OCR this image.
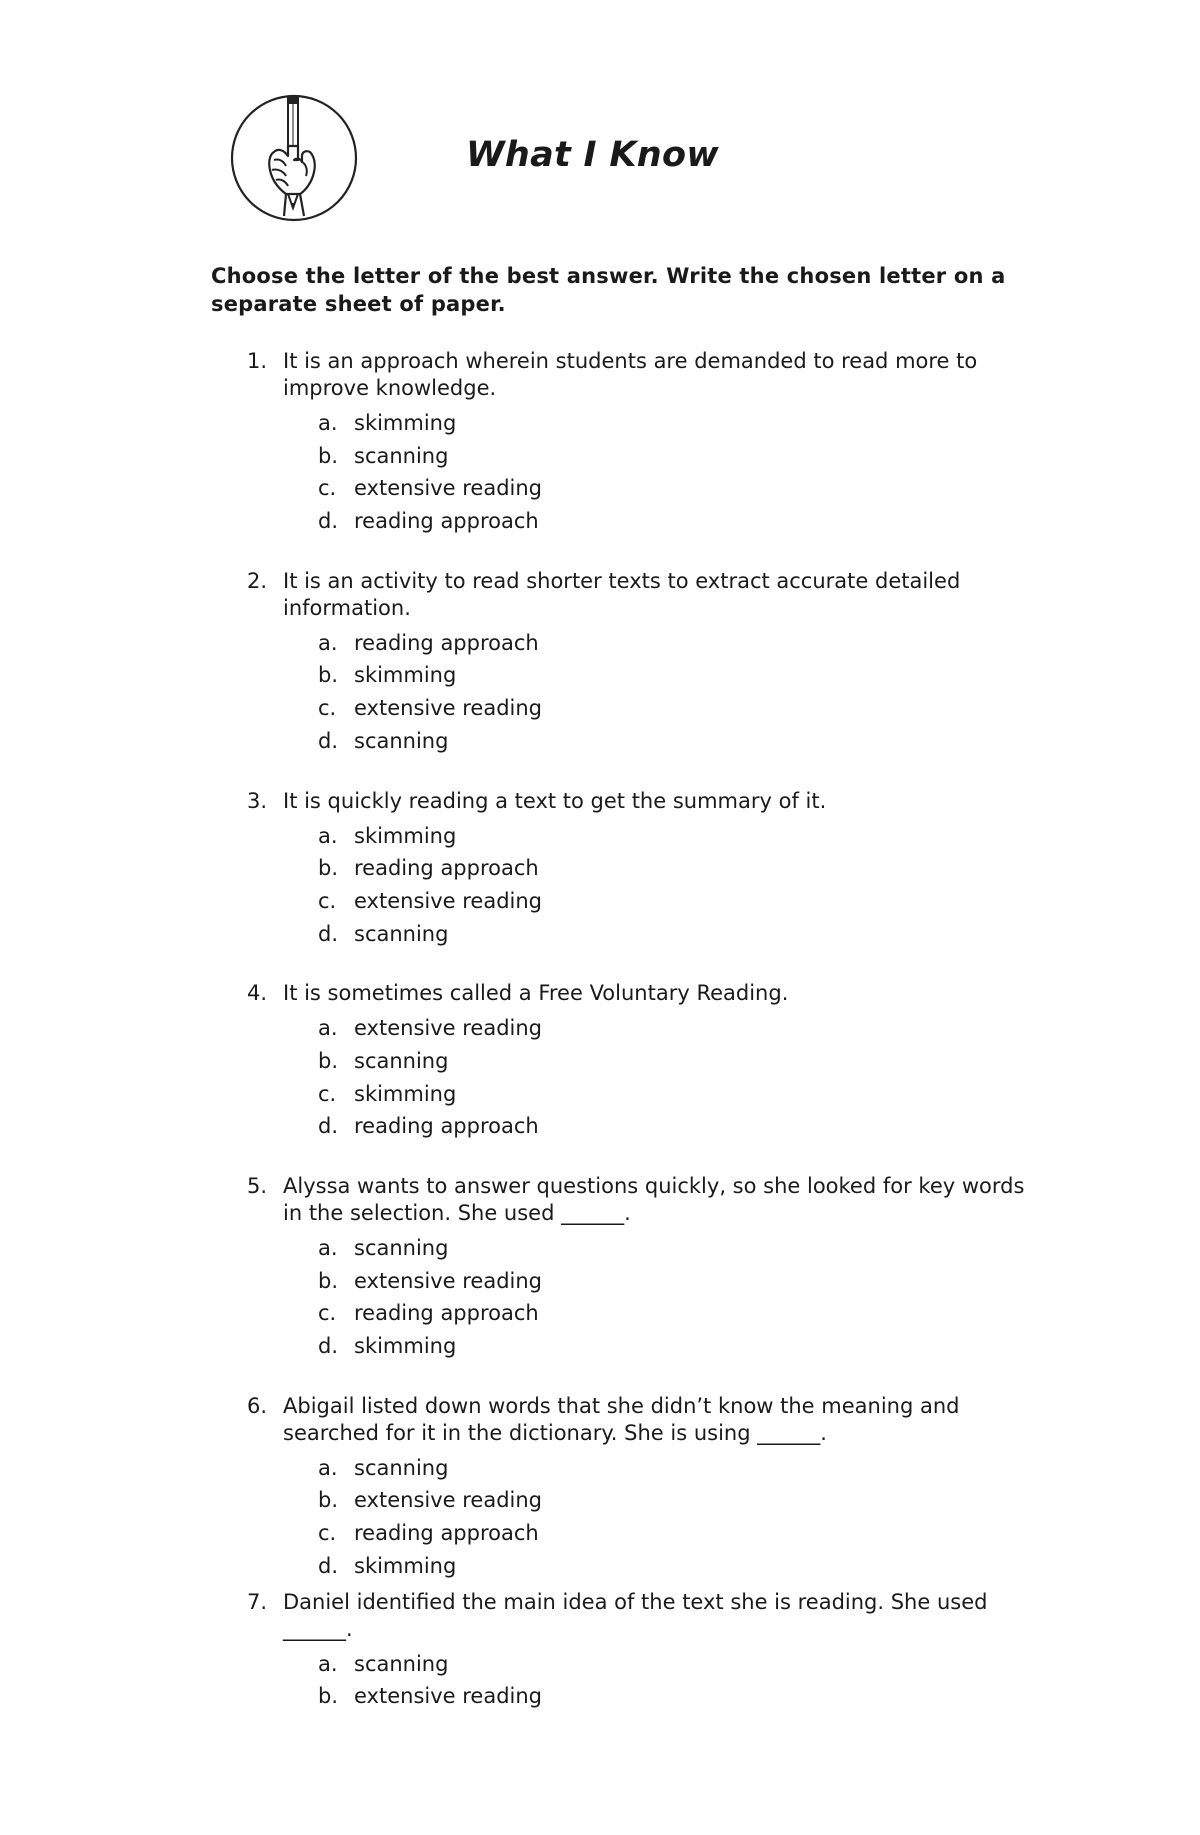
What I Know
Choose the letter of the best answer. Write the chosen letter on a separate sheet of paper.
1. It is an approach wherein students are demanded to read more to improve knowledge.
a. skimming
b. scanning
c. extensive reading
d. reading approach
2. It is an activity to read shorter texts to extract accurate detailed information.
a. reading approach
b. skimming
c. extensive reading
d. scanning
3. It is quickly reading a text to get the summary of it.
a. skimming
b. reading approach
c. extensive reading
d. scanning
4. It is sometimes called a Free Voluntary Reading.
a. extensive reading
b. scanning
c. skimming
d. reading approach
5. Alyssa wants to answer questions quickly, so she looked for key words in the selection. She used ______.
a. scanning
b. extensive reading
c. reading approach
d. skimming
6. Abigail listed down words that she didn’t know the meaning and searched for it in the dictionary. She is using ______.
a. scanning
b. extensive reading
c. reading approach
d. skimming
7. Daniel identified the main idea of the text she is reading. She used ______.
a. scanning
b. extensive reading
